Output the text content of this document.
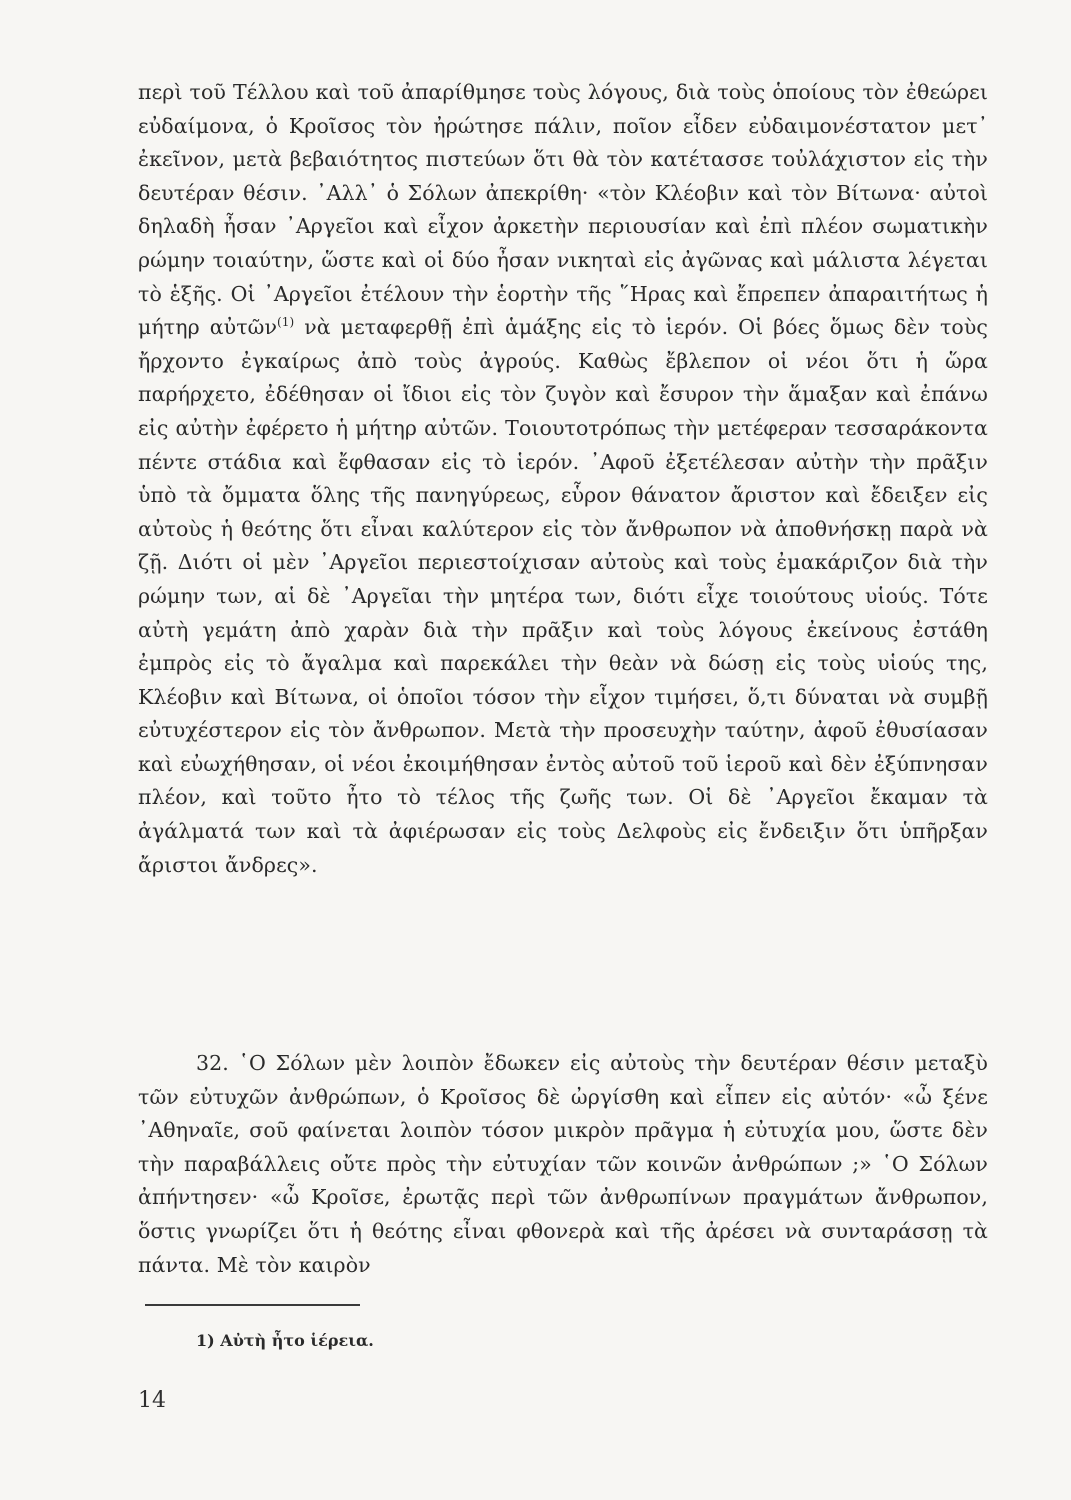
περὶ τοῦ Τέλλου καὶ τοῦ ἀπαρίθμησε τοὺς λόγους, διὰ τοὺς ὁποίους τὸν ἐθεώρει εὐδαίμονα, ὁ Κροῖσος τὸν ἠρώτησε πάλιν, ποῖον εἶδεν εὐδαιμονέστατον μετ᾽ ἐκεῖνον, μετὰ βεβαιότητος πιστεύων ὅτι θὰ τὸν κατέτασσε τοὐλάχιστον εἰς τὴν δευτέραν θέσιν. ᾽Αλλ᾽ ὁ Σόλων ἀπεκρίθη· «τὸν Κλέοβιν καὶ τὸν Βίτωνα· αὐτοὶ δηλαδὴ ἦσαν ᾽Αργεῖοι καὶ εἶχον ἀρκετὴν περιουσίαν καὶ ἐπὶ πλέον σωματικὴν ρώμην τοιαύτην, ὥστε καὶ οἱ δύο ἦσαν νικηταὶ εἰς ἀγῶνας καὶ μάλιστα λέγεται τὸ ἑξῆς. Οἱ ᾽Αργεῖοι ἐτέλουν τὴν ἑορτὴν τῆς ῞Ηρας καὶ ἔπρεπεν ἀπαραιτήτως ἡ μήτηρ αὐτῶν$^{(1)}$ νὰ μεταφερθῇ ἐπὶ ἁμάξης εἰς τὸ ἱερόν. Οἱ βόες ὅμως δὲν τοὺς ἤρχοντο ἐγκαίρως ἀπὸ τοὺς ἀγρούς. Καθὼς ἔβλεπον οἱ νέοι ὅτι ἡ ὥρα παρήρχετο, ἐδέθησαν οἱ ἴδιοι εἰς τὸν ζυγὸν καὶ ἔσυρον τὴν ἅμαξαν καὶ ἐπάνω εἰς αὐτὴν ἐφέρετο ἡ μήτηρ αὐτῶν. Τοιουτοτρόπως τὴν μετέφεραν τεσσαράκοντα πέντε στάδια καὶ ἔφθασαν εἰς τὸ ἱερόν. ᾽Αφοῦ ἐξετέλεσαν αὐτὴν τὴν πρᾶξιν ὑπὸ τὰ ὄμματα ὅλης τῆς πανηγύρεως, εὗρον θάνατον ἄριστον καὶ ἔδειξεν εἰς αὐτοὺς ἡ θεότης ὅτι εἶναι καλύτερον εἰς τὸν ἄνθρωπον νὰ ἀποθνήσκῃ παρὰ νὰ ζῇ. Διότι οἱ μὲν ᾽Αργεῖοι περιεστοίχισαν αὐτοὺς καὶ τοὺς ἐμακάριζον διὰ τὴν ρώμην των, αἱ δὲ ᾽Αργεῖαι τὴν μητέρα των, διότι εἶχε τοιούτους υἱούς. Τότε αὐτὴ γεμάτη ἀπὸ χαρὰν διὰ τὴν πρᾶξιν καὶ τοὺς λόγους ἐκείνους ἐστάθη ἐμπρὸς εἰς τὸ ἄγαλμα καὶ παρεκάλει τὴν θεὰν νὰ δώσῃ εἰς τοὺς υἱούς της, Κλέοβιν καὶ Βίτωνα, οἱ ὁποῖοι τόσον τὴν εἶχον τιμήσει, ὅ,τι δύναται νὰ συμβῇ εὐτυχέστερον εἰς τὸν ἄνθρωπον. Μετὰ τὴν προσευχὴν ταύτην, ἀφοῦ ἐθυσίασαν καὶ εὐωχήθησαν, οἱ νέοι ἐκοιμήθησαν ἐντὸς αὐτοῦ τοῦ ἱεροῦ καὶ δὲν ἐξύπνησαν πλέον, καὶ τοῦτο ἦτο τὸ τέλος τῆς ζωῆς των. Οἱ δὲ ᾽Αργεῖοι ἔκαμαν τὰ ἀγάλματά των καὶ τὰ ἀφιέρωσαν εἰς τοὺς Δελφοὺς εἰς ἔνδειξιν ὅτι ὑπῆρξαν ἄριστοι ἄνδρες».

32. ῾Ο Σόλων μὲν λοιπὸν ἔδωκεν εἰς αὐτοὺς τὴν δευτέραν θέσιν μεταξὺ τῶν εὐτυχῶν ἀνθρώπων, ὁ Κροῖσος δὲ ὠργίσθη καὶ εἶπεν εἰς αὐτόν· «ὦ ξένε ᾽Αθηναῖε, σοῦ φαίνεται λοιπὸν τόσον μικρὸν πρᾶγμα ἡ εὐτυχία μου, ὥστε δὲν τὴν παραβάλλεις οὔτε πρὸς τὴν εὐτυχίαν τῶν κοινῶν ἀνθρώπων ;» ῾Ο Σόλων ἀπήντησεν· «ὦ Κροῖσε, ἐρωτᾷς περὶ τῶν ἀνθρωπίνων πραγμάτων ἄνθρωπον, ὅστις γνωρίζει ὅτι ἡ θεότης εἶναι φθονερὰ καὶ τῆς ἀρέσει νὰ συνταράσσῃ τὰ πάντα. Μὲ τὸν καιρὸν

1) Αὐτὴ ἦτο ἱέρεια.
14
